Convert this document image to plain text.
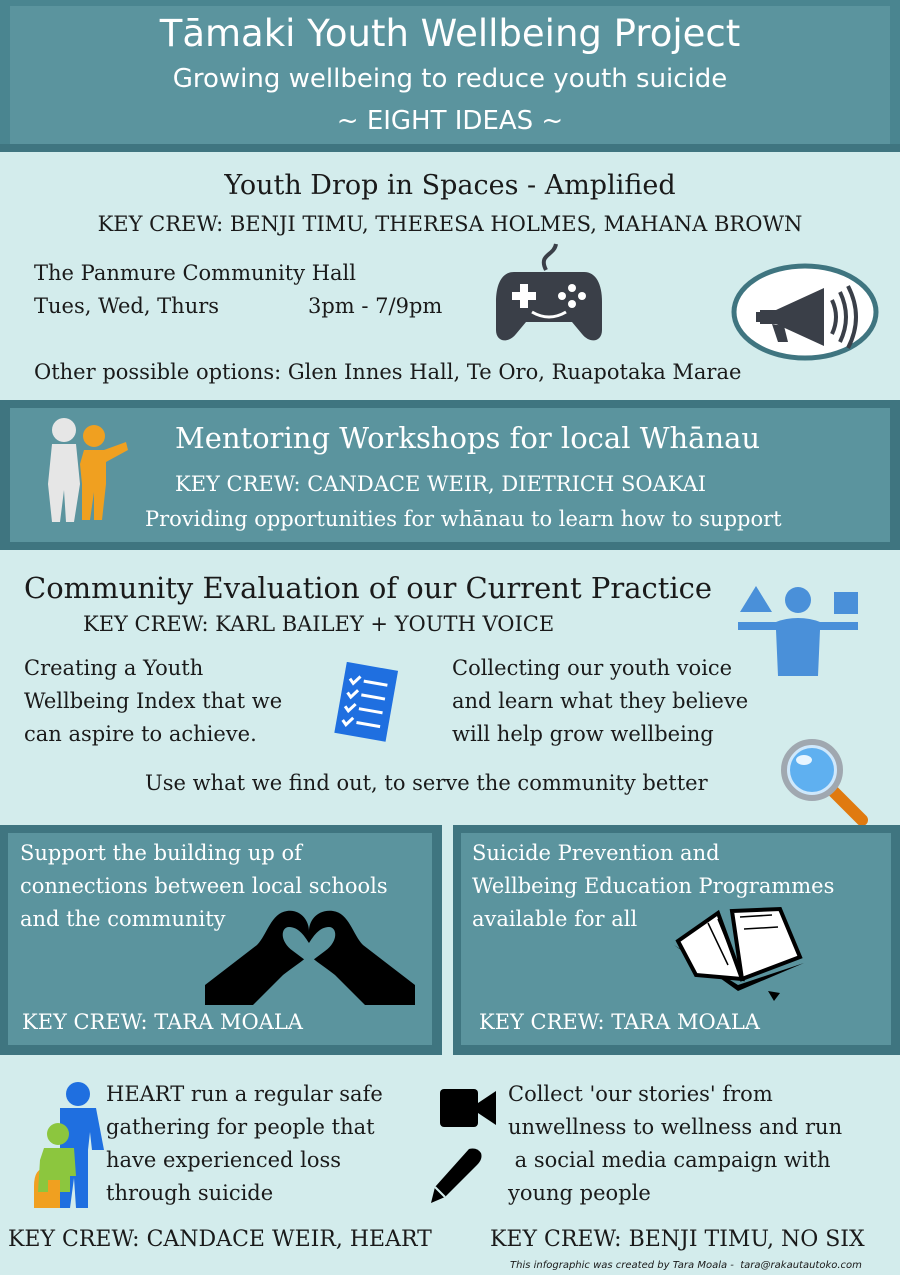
Tāmaki Youth Wellbeing Project
Growing wellbeing to reduce youth suicide
~ EIGHT IDEAS ~
Youth Drop in Spaces - Amplified
KEY CREW: BENJI TIMU, THERESA HOLMES, MAHANA BROWN
The Panmure Community Hall
Tues, Wed, Thurs	3pm - 7/9pm
Other possible options: Glen Innes Hall, Te Oro, Ruapotaka Marae
Mentoring Workshops for local Whānau
KEY CREW: CANDACE WEIR, DIETRICH SOAKAI
Providing opportunities for whānau to learn how to support
Community Evaluation of our Current Practice
KEY CREW: KARL BAILEY + YOUTH VOICE
Creating a Youth
Wellbeing Index that we
can aspire to achieve.
Collecting our youth voice
and learn what they believe
will help grow wellbeing
Use what we find out, to serve the community better
Support the building up of
connections between local schools
and the community
KEY CREW: TARA MOALA
Suicide Prevention and
Wellbeing Education Programmes
available for all
KEY CREW: TARA MOALA
HEART run a regular safe
gathering for people that
have experienced loss
through suicide
KEY CREW: CANDACE WEIR, HEART
Collect 'our stories' from
unwellness to wellness and run
a social media campaign with
young people
KEY CREW: BENJI TIMU, NO SIX
This infographic was created by Tara Moala -  tara@rakautautoko.com
